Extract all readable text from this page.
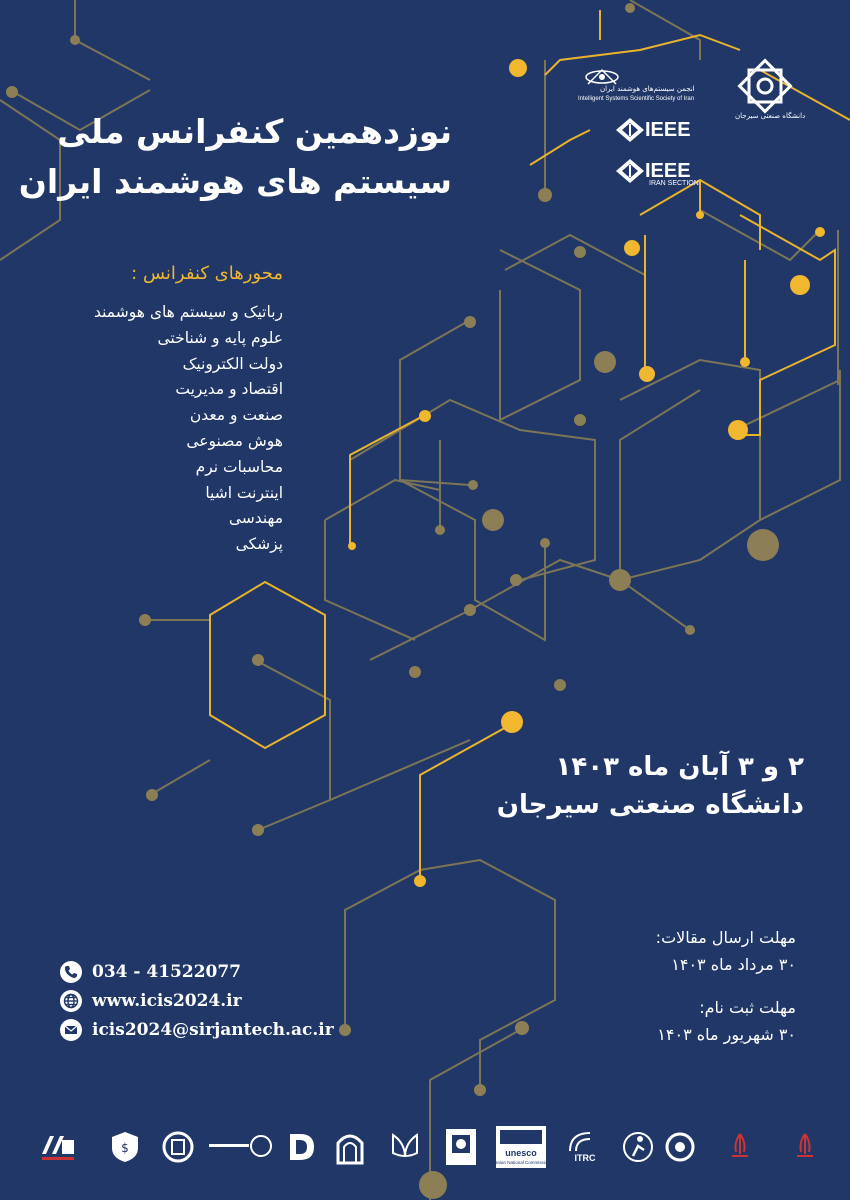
دانشگاه صنعتی سیرجان
انجمن سیستم‌های هوشمند ایران
Intelligent Systems Scientific Society of Iran
IEEE
IEEE
IRAN SECTION
نوزدهمین کنفرانس ملی
سیستم های هوشمند ایران
محورهای کنفرانس :
رباتیک و سیستم های هوشمند
علوم پایه و شناختی
دولت الکترونیک
اقتصاد و مدیریت
صنعت و معدن
هوش مصنوعی
محاسبات نرم
اینترنت اشیا
مهندسی
پزشکی
۲ و ۳ آبان ماه ۱۴۰۳
دانشگاه صنعتی سیرجان
مهلت ارسال مقالات:
۳۰ مرداد ماه ۱۴۰۳
مهلت ثبت نام:
۳۰ شهریور ماه ۱۴۰۳
034 - 41522077
www.icis2024.ir
icis2024@sirjantech.ac.ir
$	unesco
Iranian National Commission	ITRC
